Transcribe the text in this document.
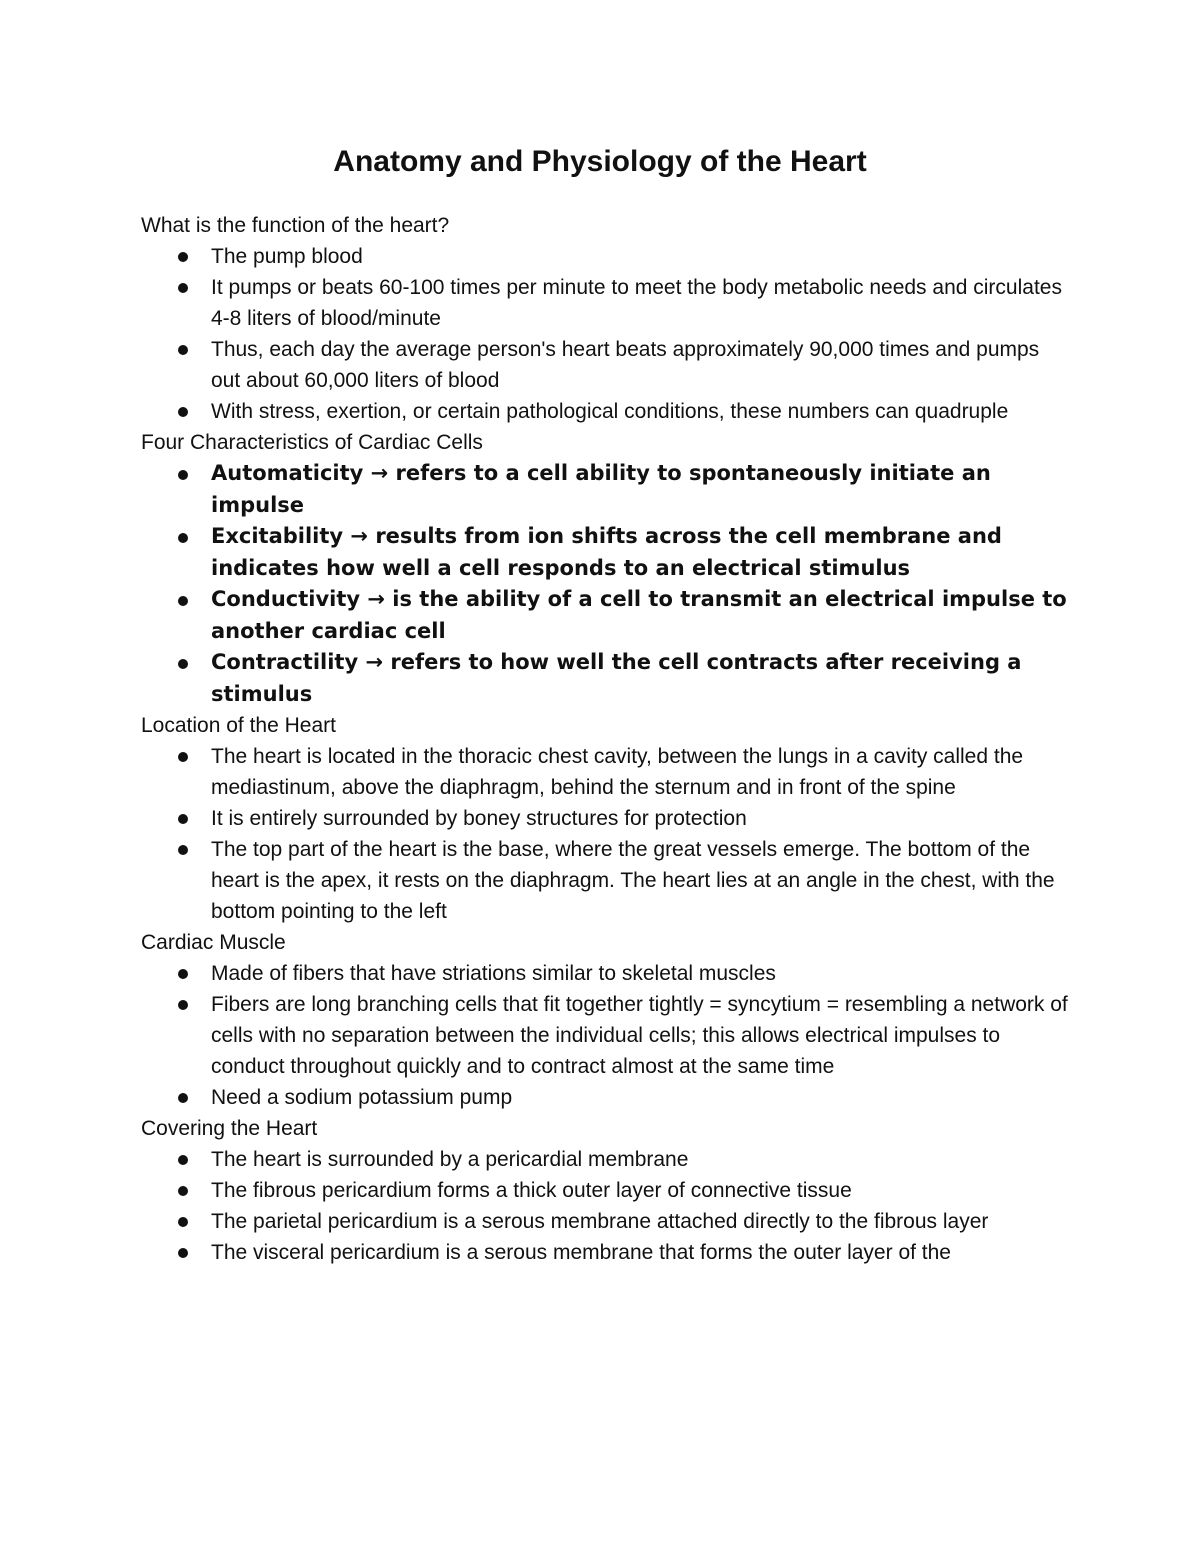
Anatomy and Physiology of the Heart

What is the function of the heart?

The pump blood
It pumps or beats 60-100 times per minute to meet the body metabolic needs and circulates 4-8 liters of blood/minute
Thus, each day the average person's heart beats approximately 90,000 times and pumps out about 60,000 liters of blood
With stress, exertion, or certain pathological conditions, these numbers can quadruple

Four Characteristics of Cardiac Cells

Automaticity → refers to a cell ability to spontaneously initiate an impulse
Excitability → results from ion shifts across the cell membrane and indicates how well a cell responds to an electrical stimulus
Conductivity → is the ability of a cell to transmit an electrical impulse to another cardiac cell
Contractility → refers to how well the cell contracts after receiving a stimulus

Location of the Heart

The heart is located in the thoracic chest cavity, between the lungs in a cavity called the mediastinum, above the diaphragm, behind the sternum and in front of the spine
It is entirely surrounded by boney structures for protection
The top part of the heart is the base, where the great vessels emerge. The bottom of the heart is the apex, it rests on the diaphragm. The heart lies at an angle in the chest, with the bottom pointing to the left

Cardiac Muscle

Made of fibers that have striations similar to skeletal muscles
Fibers are long branching cells that fit together tightly = syncytium = resembling a network of cells with no separation between the individual cells; this allows electrical impulses to conduct throughout quickly and to contract almost at the same time
Need a sodium potassium pump

Covering the Heart

The heart is surrounded by a pericardial membrane
The fibrous pericardium forms a thick outer layer of connective tissue
The parietal pericardium is a serous membrane attached directly to the fibrous layer
The visceral pericardium is a serous membrane that forms the outer layer of the
